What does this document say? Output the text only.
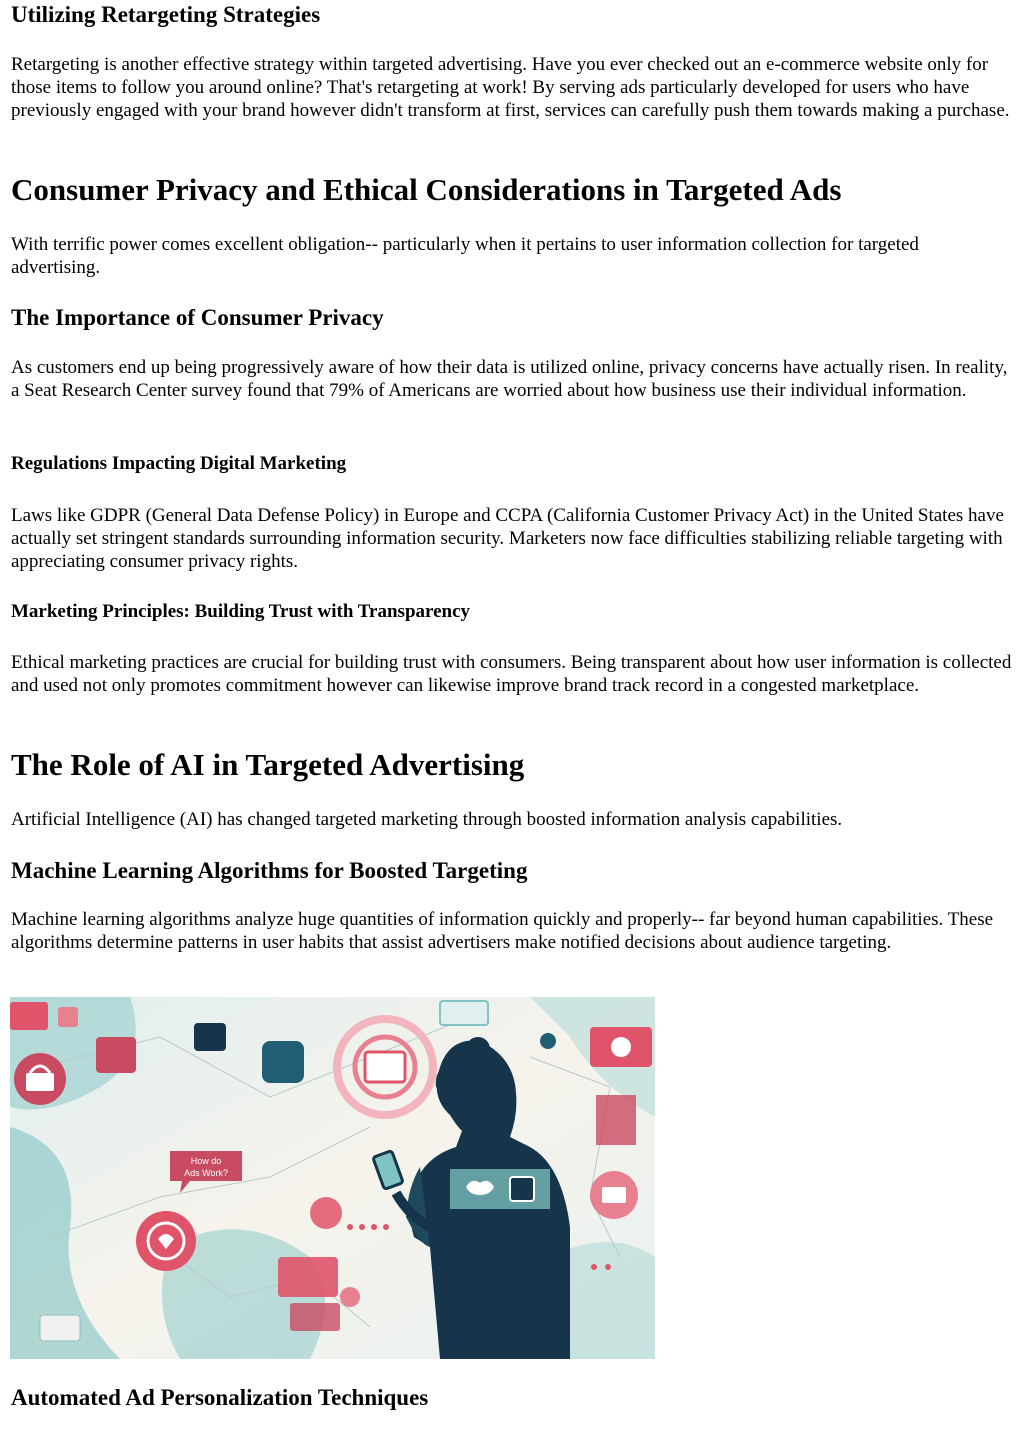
Utilizing Retargeting Strategies

Retargeting is another effective strategy within targeted advertising. Have you ever checked out an e-commerce website only for those items to follow you around online? That's retargeting at work! By serving ads particularly developed for users who have previously engaged with your brand however didn't transform at first, services can carefully push them towards making a purchase.

Consumer Privacy and Ethical Considerations in Targeted Ads

With terrific power comes excellent obligation-- particularly when it pertains to user information collection for targeted advertising.

The Importance of Consumer Privacy

As customers end up being progressively aware of how their data is utilized online, privacy concerns have actually risen. In reality, a Seat Research Center survey found that 79% of Americans are worried about how business use their individual information.

Regulations Impacting Digital Marketing

Laws like GDPR (General Data Defense Policy) in Europe and CCPA (California Customer Privacy Act) in the United States have actually set stringent standards surrounding information security. Marketers now face difficulties stabilizing reliable targeting with appreciating consumer privacy rights.

Marketing Principles: Building Trust with Transparency

Ethical marketing practices are crucial for building trust with consumers. Being transparent about how user information is collected and used not only promotes commitment however can likewise improve brand track record in a congested marketplace.

The Role of AI in Targeted Advertising

Artificial Intelligence (AI) has changed targeted marketing through boosted information analysis capabilities.

Machine Learning Algorithms for Boosted Targeting

Machine learning algorithms analyze huge quantities of information quickly and properly-- far beyond human capabilities. These algorithms determine patterns in user habits that assist advertisers make notified decisions about audience targeting.

How do
Ads Work?
Automated Ad Personalization Techniques
